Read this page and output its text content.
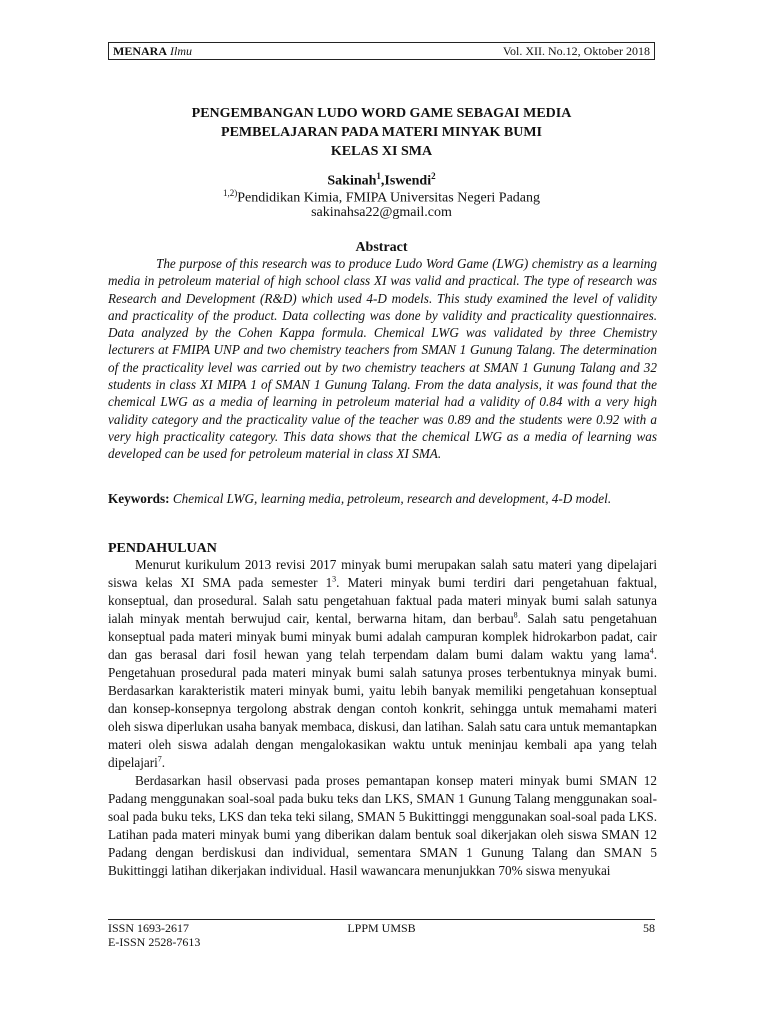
MENARA Ilmu	Vol. XII. No.12, Oktober 2018
PENGEMBANGAN LUDO WORD GAME SEBAGAI MEDIA
PEMBELAJARAN PADA MATERI MINYAK BUMI
KELAS XI SMA
Sakinah$^1$,Iswendi$^2$
$^{1,2)}$Pendidikan Kimia, FMIPA Universitas Negeri Padang
sakinahsa22@gmail.com
Abstract
The purpose of this research was to produce Ludo Word Game (LWG) chemistry as a learning media in petroleum material of high school class XI was valid and practical. The type of research was Research and Development (R&D) which used 4-D models. This study examined the level of validity and practicality of the product. Data collecting was done by validity and practicality questionnaires. Data analyzed by the Cohen Kappa formula. Chemical LWG was validated by three Chemistry lecturers at FMIPA UNP and two chemistry teachers from SMAN 1 Gunung Talang. The determination of the practicality level was carried out by two chemistry teachers at SMAN 1 Gunung Talang and 32 students in class XI MIPA 1 of SMAN 1 Gunung Talang. From the data analysis, it was found that the chemical LWG as a media of learning in petroleum material had a validity of 0.84 with a very high validity category and the practicality value of the teacher was 0.89 and the students were 0.92 with a very high practicality category. This data shows that the chemical LWG as a media of learning was developed can be used for petroleum material in class XI SMA.
Keywords: Chemical LWG, learning media, petroleum, research and development, 4-D model.
PENDAHULUAN

Menurut kurikulum 2013 revisi 2017 minyak bumi merupakan salah satu materi yang dipelajari siswa kelas XI SMA pada semester $1^3$. Materi minyak bumi terdiri dari pengetahuan faktual, konseptual, dan prosedural. Salah satu pengetahuan faktual pada materi minyak bumi salah satunya ialah minyak mentah berwujud cair, kental, berwarna hitam, dan berbau$^8$. Salah satu pengetahuan konseptual pada materi minyak bumi minyak bumi adalah campuran komplek hidrokarbon padat, cair dan gas berasal dari fosil hewan yang telah terpendam dalam bumi dalam waktu yang lama$^4$. Pengetahuan prosedural pada materi minyak bumi salah satunya proses terbentuknya minyak bumi. Berdasarkan karakteristik materi minyak bumi, yaitu lebih banyak memiliki pengetahuan konseptual dan konsep-konsepnya tergolong abstrak dengan contoh konkrit, sehingga untuk memahami materi oleh siswa diperlukan usaha banyak membaca, diskusi, dan latihan. Salah satu cara untuk memantapkan materi oleh siswa adalah dengan mengalokasikan waktu untuk meninjau kembali apa yang telah dipelajari$^7$.

Berdasarkan hasil observasi pada proses pemantapan konsep materi minyak bumi SMAN 12 Padang menggunakan soal-soal pada buku teks dan LKS, SMAN 1 Gunung Talang menggunakan soal-soal pada buku teks, LKS dan teka teki silang, SMAN 5 Bukittinggi menggunakan soal-soal pada LKS. Latihan pada materi minyak bumi yang diberikan dalam bentuk soal dikerjakan oleh siswa SMAN 12 Padang dengan berdiskusi dan individual, sementara SMAN 1 Gunung Talang dan SMAN 5 Bukittinggi latihan dikerjakan individual. Hasil wawancara menunjukkan 70% siswa menyukai

ISSN 1693-2617
E-ISSN 2528-7613
LPPM UMSB	58
